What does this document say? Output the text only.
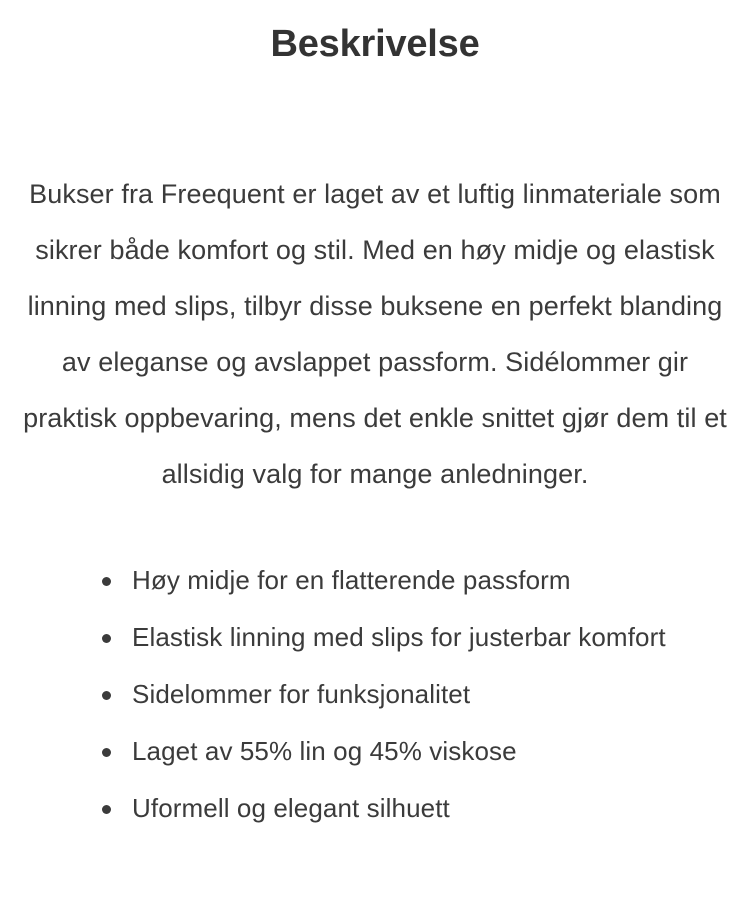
Beskrivelse

Bukser fra Freequent er laget av et luftig linmateriale som sikrer både komfort og stil. Med en høy midje og elastisk linning med slips, tilbyr disse buksene en perfekt blanding av eleganse og avslappet passform. Sidélommer gir praktisk oppbevaring, mens det enkle snittet gjør dem til et allsidig valg for mange anledninger.

Høy midje for en flatterende passform
Elastisk linning med slips for justerbar komfort
Sidelommer for funksjonalitet
Laget av 55% lin og 45% viskose
Uformell og elegant silhuett
